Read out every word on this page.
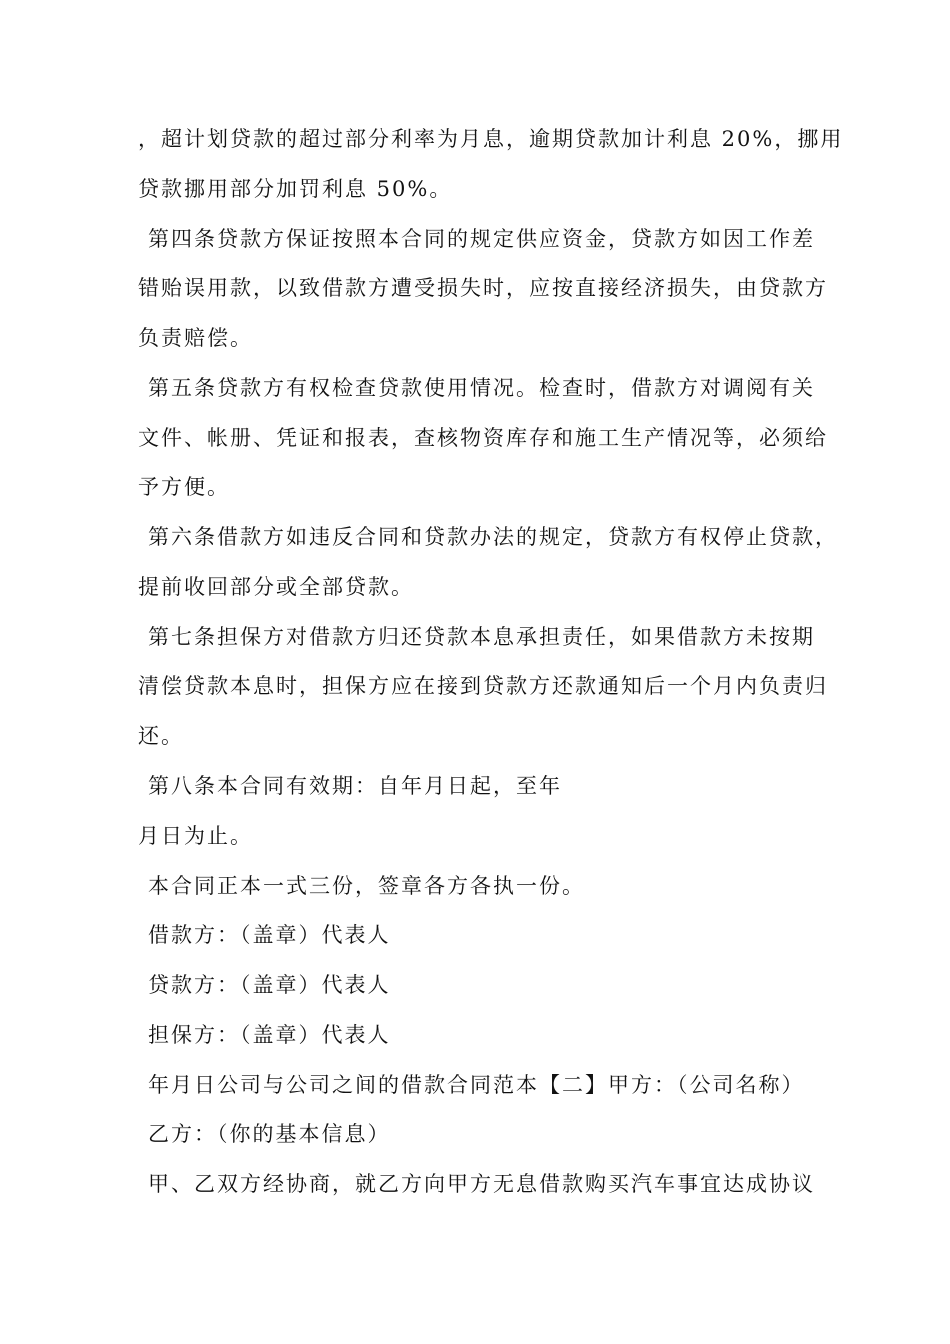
，超计划贷款的超过部分利率为月息，逾期贷款加计利息 20%，挪用
贷款挪用部分加罚利息 50%。
第四条贷款方保证按照本合同的规定供应资金，贷款方如因工作差
错贻误用款，以致借款方遭受损失时，应按直接经济损失，由贷款方
负责赔偿。
第五条贷款方有权检查贷款使用情况。检查时，借款方对调阅有关
文件、帐册、凭证和报表，查核物资库存和施工生产情况等，必须给
予方便。
第六条借款方如违反合同和贷款办法的规定，贷款方有权停止贷款，
提前收回部分或全部贷款。
第七条担保方对借款方归还贷款本息承担责任，如果借款方未按期
清偿贷款本息时，担保方应在接到贷款方还款通知后一个月内负责归
还。
第八条本合同有效期：自年月日起，至年
月日为止。
本合同正本一式三份，签章各方各执一份。
借款方：（盖章）代表人
贷款方：（盖章）代表人
担保方：（盖章）代表人
年月日公司与公司之间的借款合同范本【二】甲方：（公司名称）
乙方：（你的基本信息）
甲、乙双方经协商，就乙方向甲方无息借款购买汽车事宜达成协议
